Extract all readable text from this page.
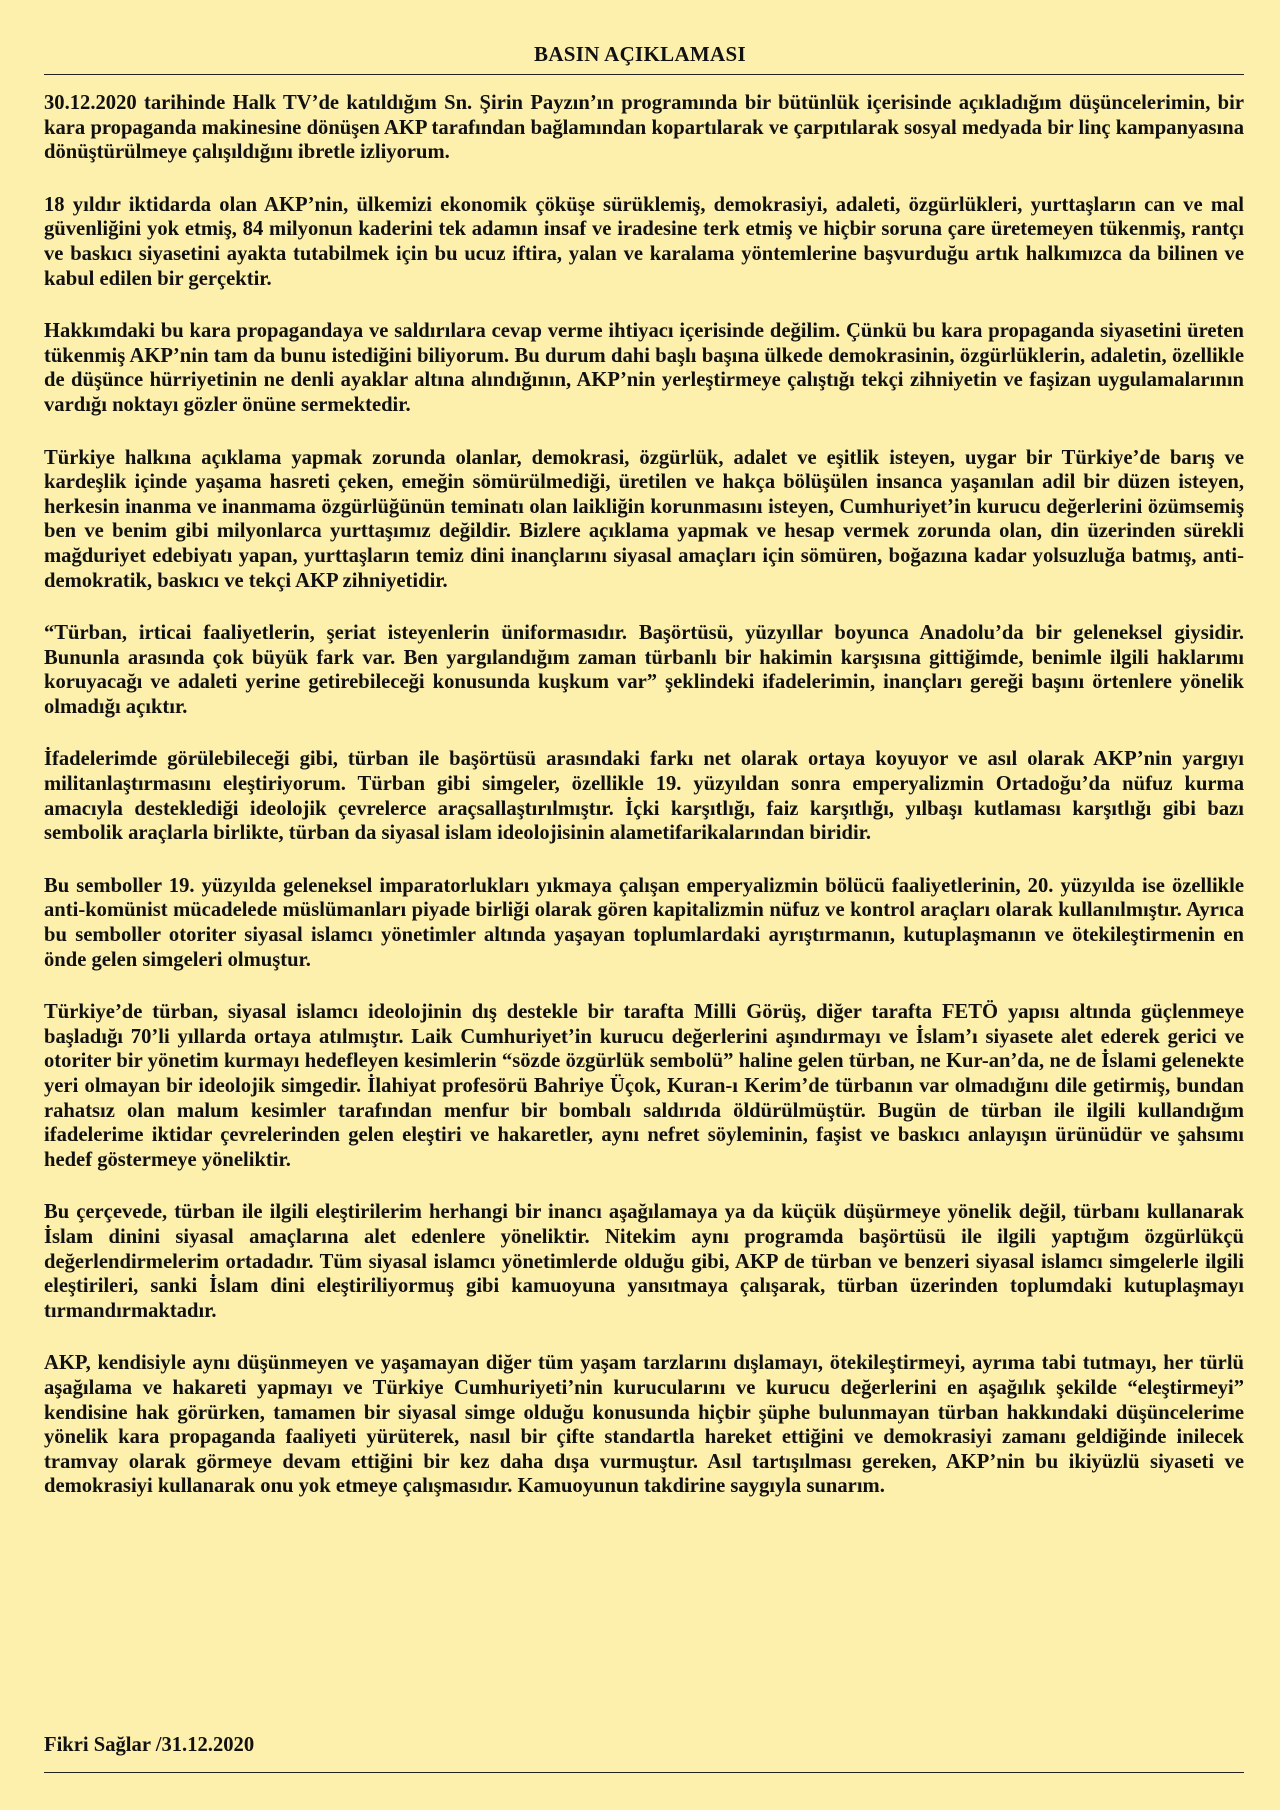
BASIN AÇIKLAMASI

30.12.2020 tarihinde Halk TV’de katıldığım Sn. Şirin Payzın’ın programında bir bütünlük içerisinde açıkladığım düşüncelerimin, bir kara propaganda makinesine dönüşen AKP tarafından bağlamından kopartılarak ve çarpıtılarak sosyal medyada bir linç kampanyasına dönüştürülmeye çalışıldığını ibretle izliyorum.

18 yıldır iktidarda olan AKP’nin, ülkemizi ekonomik çöküşe sürüklemiş, demokrasiyi, adaleti, özgürlükleri, yurttaşların can ve mal güvenliğini yok etmiş, 84 milyonun kaderini tek adamın insaf ve iradesine terk etmiş ve hiçbir soruna çare üretemeyen tükenmiş, rantçı ve baskıcı siyasetini ayakta tutabilmek için bu ucuz iftira, yalan ve karalama yöntemlerine başvurduğu artık halkımızca da bilinen ve kabul edilen bir gerçektir.

Hakkımdaki bu kara propagandaya ve saldırılara cevap verme ihtiyacı içerisinde değilim. Çünkü bu kara propaganda siyasetini üreten tükenmiş AKP’nin tam da bunu istediğini biliyorum. Bu durum dahi başlı başına ülkede demokrasinin, özgürlüklerin, adaletin, özellikle de düşünce hürriyetinin ne denli ayaklar altına alındığının, AKP’nin yerleştirmeye çalıştığı tekçi zihniyetin ve faşizan uygulamalarının vardığı noktayı gözler önüne sermektedir.

Türkiye halkına açıklama yapmak zorunda olanlar, demokrasi, özgürlük, adalet ve eşitlik isteyen, uygar bir Türkiye’de barış ve kardeşlik içinde yaşama hasreti çeken, emeğin sömürülmediği, üretilen ve hakça bölüşülen insanca yaşanılan adil bir düzen isteyen, herkesin inanma ve inanmama özgürlüğünün teminatı olan laikliğin korunmasını isteyen, Cumhuriyet’in kurucu değerlerini özümsemiş ben ve benim gibi milyonlarca yurttaşımız değildir. Bizlere açıklama yapmak ve hesap vermek zorunda olan, din üzerinden sürekli mağduriyet edebiyatı yapan, yurttaşların temiz dini inançlarını siyasal amaçları için sömüren, boğazına kadar yolsuzluğa batmış, anti-demokratik, baskıcı ve tekçi AKP zihniyetidir.

“Türban, irticai faaliyetlerin, şeriat isteyenlerin üniformasıdır. Başörtüsü, yüzyıllar boyunca Anadolu’da bir geleneksel giysidir. Bununla arasında çok büyük fark var. Ben yargılandığım zaman türbanlı bir hakimin karşısına gittiğimde, benimle ilgili haklarımı koruyacağı ve adaleti yerine getirebileceği konusunda kuşkum var” şeklindeki ifadelerimin, inançları gereği başını örtenlere yönelik olmadığı açıktır.

İfadelerimde görülebileceği gibi, türban ile başörtüsü arasındaki farkı net olarak ortaya koyuyor ve asıl olarak AKP’nin yargıyı militanlaştırmasını eleştiriyorum. Türban gibi simgeler, özellikle 19. yüzyıldan sonra emperyalizmin Ortadoğu’da nüfuz kurma amacıyla desteklediği ideolojik çevrelerce araçsallaştırılmıştır. İçki karşıtlığı, faiz karşıtlığı, yılbaşı kutlaması karşıtlığı gibi bazı sembolik araçlarla birlikte, türban da siyasal islam ideolojisinin alametifarikalarından biridir.

Bu semboller 19. yüzyılda geleneksel imparatorlukları yıkmaya çalışan emperyalizmin bölücü faaliyetlerinin, 20. yüzyılda ise özellikle anti-komünist mücadelede müslümanları piyade birliği olarak gören kapitalizmin nüfuz ve kontrol araçları olarak kullanılmıştır. Ayrıca bu semboller otoriter siyasal islamcı yönetimler altında yaşayan toplumlardaki ayrıştırmanın, kutuplaşmanın ve ötekileştirmenin en önde gelen simgeleri olmuştur.

Türkiye’de türban, siyasal islamcı ideolojinin dış destekle bir tarafta Milli Görüş, diğer tarafta FETÖ yapısı altında güçlenmeye başladığı 70’li yıllarda ortaya atılmıştır. Laik Cumhuriyet’in kurucu değerlerini aşındırmayı ve İslam’ı siyasete alet ederek gerici ve otoriter bir yönetim kurmayı hedefleyen kesimlerin “sözde özgürlük sembolü” haline gelen türban, ne Kur-an’da, ne de İslami gelenekte yeri olmayan bir ideolojik simgedir. İlahiyat profesörü Bahriye Üçok, Kuran-ı Kerim’de türbanın var olmadığını dile getirmiş, bundan rahatsız olan malum kesimler tarafından menfur bir bombalı saldırıda öldürülmüştür. Bugün de türban ile ilgili kullandığım ifadelerime iktidar çevrelerinden gelen eleştiri ve hakaretler, aynı nefret söyleminin, faşist ve baskıcı anlayışın ürünüdür ve şahsımı hedef göstermeye yöneliktir.

Bu çerçevede, türban ile ilgili eleştirilerim herhangi bir inancı aşağılamaya ya da küçük düşürmeye yönelik değil, türbanı kullanarak İslam dinini siyasal amaçlarına alet edenlere yöneliktir. Nitekim aynı programda başörtüsü ile ilgili yaptığım özgürlükçü değerlendirmelerim ortadadır. Tüm siyasal islamcı yönetimlerde olduğu gibi, AKP de türban ve benzeri siyasal islamcı simgelerle ilgili eleştirileri, sanki İslam dini eleştiriliyormuş gibi kamuoyuna yansıtmaya çalışarak, türban üzerinden toplumdaki kutuplaşmayı tırmandırmaktadır.

AKP, kendisiyle aynı düşünmeyen ve yaşamayan diğer tüm yaşam tarzlarını dışlamayı, ötekileştirmeyi, ayrıma tabi tutmayı, her türlü aşağılama ve hakareti yapmayı ve Türkiye Cumhuriyeti’nin kurucularını ve kurucu değerlerini en aşağılık şekilde “eleştirmeyi” kendisine hak görürken, tamamen bir siyasal simge olduğu konusunda hiçbir şüphe bulunmayan türban hakkındaki düşüncelerime yönelik kara propaganda faaliyeti yürüterek, nasıl bir çifte standartla hareket ettiğini ve demokrasiyi zamanı geldiğinde inilecek tramvay olarak görmeye devam ettiğini bir kez daha dışa vurmuştur. Asıl tartışılması gereken, AKP’nin bu ikiyüzlü siyaseti ve demokrasiyi kullanarak onu yok etmeye çalışmasıdır. Kamuoyunun takdirine saygıyla sunarım.

Fikri Sağlar /31.12.2020
